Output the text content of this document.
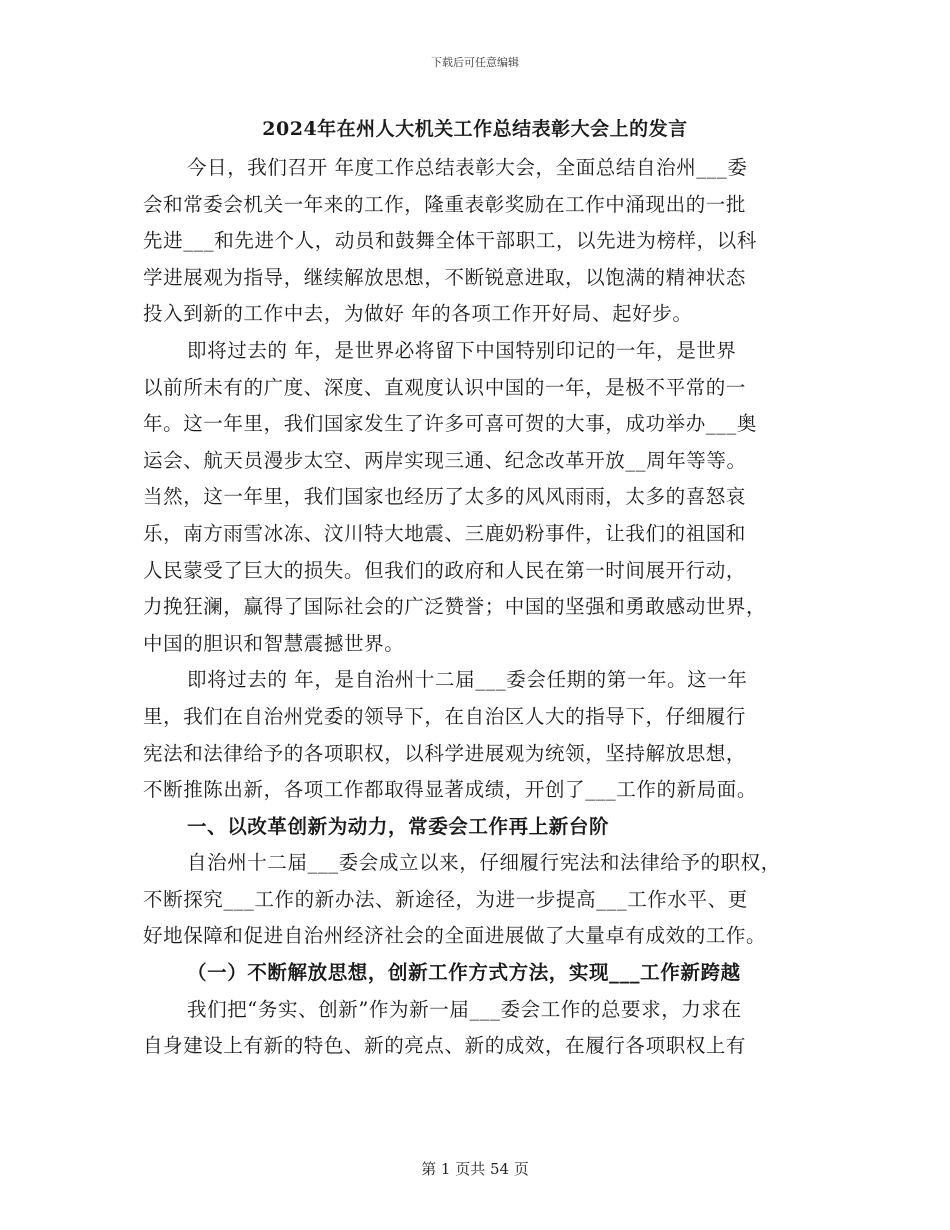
下载后可任意编辑
2024年在州人大机关工作总结表彰大会上的发言
今日，我们召开 年度工作总结表彰大会，全面总结自治州___委
会和常委会机关一年来的工作，隆重表彰奖励在工作中涌现出的一批
先进___和先进个人，动员和鼓舞全体干部职工，以先进为榜样，以科
学进展观为指导，继续解放思想，不断锐意进取，以饱满的精神状态
投入到新的工作中去，为做好 年的各项工作开好局、起好步。
即将过去的 年，是世界必将留下中国特别印记的一年，是世界
以前所未有的广度、深度、直观度认识中国的一年，是极不平常的一
年。这一年里，我们国家发生了许多可喜可贺的大事，成功举办___奥
运会、航天员漫步太空、两岸实现三通、纪念改革开放__周年等等。
当然，这一年里，我们国家也经历了太多的风风雨雨，太多的喜怒哀
乐，南方雨雪冰冻、汶川特大地震、三鹿奶粉事件，让我们的祖国和
人民蒙受了巨大的损失。但我们的政府和人民在第一时间展开行动，
力挽狂澜，赢得了国际社会的广泛赞誉；中国的坚强和勇敢感动世界，
中国的胆识和智慧震撼世界。
即将过去的 年，是自治州十二届___委会任期的第一年。这一年
里，我们在自治州党委的领导下，在自治区人大的指导下，仔细履行
宪法和法律给予的各项职权，以科学进展观为统领，坚持解放思想，
不断推陈出新，各项工作都取得显著成绩，开创了___工作的新局面。
一、以改革创新为动力，常委会工作再上新台阶
自治州十二届___委会成立以来，仔细履行宪法和法律给予的职权，
不断探究___工作的新办法、新途径，为进一步提高___工作水平、更
好地保障和促进自治州经济社会的全面进展做了大量卓有成效的工作。
（一）不断解放思想，创新工作方式方法，实现___工作新跨越
我们把“务实、创新”作为新一届___委会工作的总要求，力求在
自身建设上有新的特色、新的亮点、新的成效，在履行各项职权上有
第 1 页共 54 页
